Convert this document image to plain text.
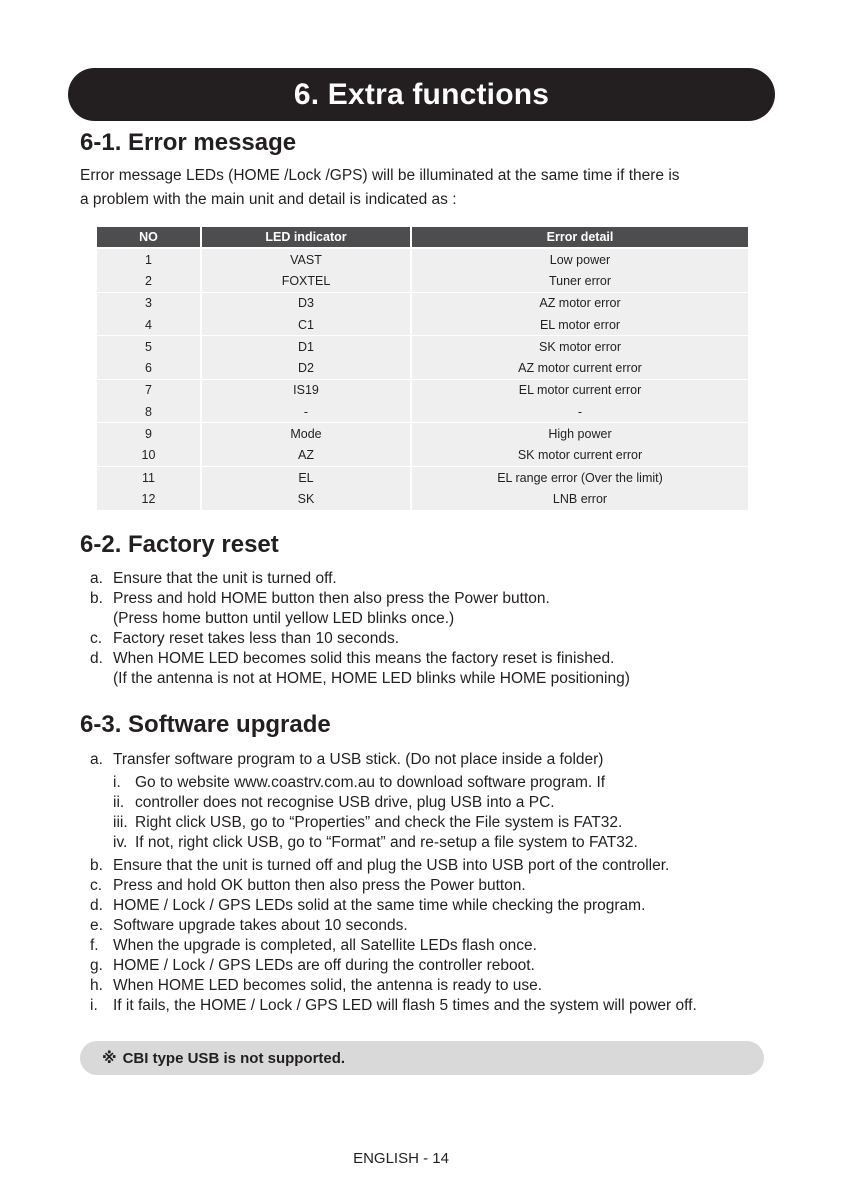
6. Extra functions
6-1. Error message
Error message LEDs (HOME /Lock /GPS) will be illuminated at the same time if there is
a problem with the main unit and detail is indicated as :
NO	LED indicator	Error detail
1	VAST	Low power
2	FOXTEL	Tuner error
3	D3	AZ motor error
4	C1	EL motor error
5	D1	SK motor error
6	D2	AZ motor current error
7	IS19	EL motor current error
8	-	-
9	Mode	High power
10	AZ	SK motor current error
11	EL	EL range error (Over the limit)
12	SK	LNB error
6-2. Factory reset
a. Ensure that the unit is turned off.
b. Press and hold HOME button then also press the Power button.
(Press home button until yellow LED blinks once.)
c. Factory reset takes less than 10 seconds.
d. When HOME LED becomes solid this means the factory reset is finished.
(If the antenna is not at HOME, HOME LED blinks while HOME positioning)
6-3. Software upgrade
a. Transfer software program to a USB stick. (Do not place inside a folder)
i. Go to website www.coastrv.com.au to download software program. If
ii. controller does not recognise USB drive, plug USB into a PC.
iii. Right click USB, go to “Properties” and check the File system is FAT32.
iv. If not, right click USB, go to “Format” and re-setup a file system to FAT32.
b. Ensure that the unit is turned off and plug the USB into USB port of the controller.
c. Press and hold OK button then also press the Power button.
d. HOME / Lock / GPS LEDs solid at the same time while checking the program.
e. Software upgrade takes about 10 seconds.
f. When the upgrade is completed, all Satellite LEDs flash once.
g. HOME / Lock / GPS LEDs are off during the controller reboot.
h. When HOME LED becomes solid, the antenna is ready to use.
i. If it fails, the HOME / Lock / GPS LED will flash 5 times and the system will power off.
※ CBI type USB is not supported.
ENGLISH - 14
